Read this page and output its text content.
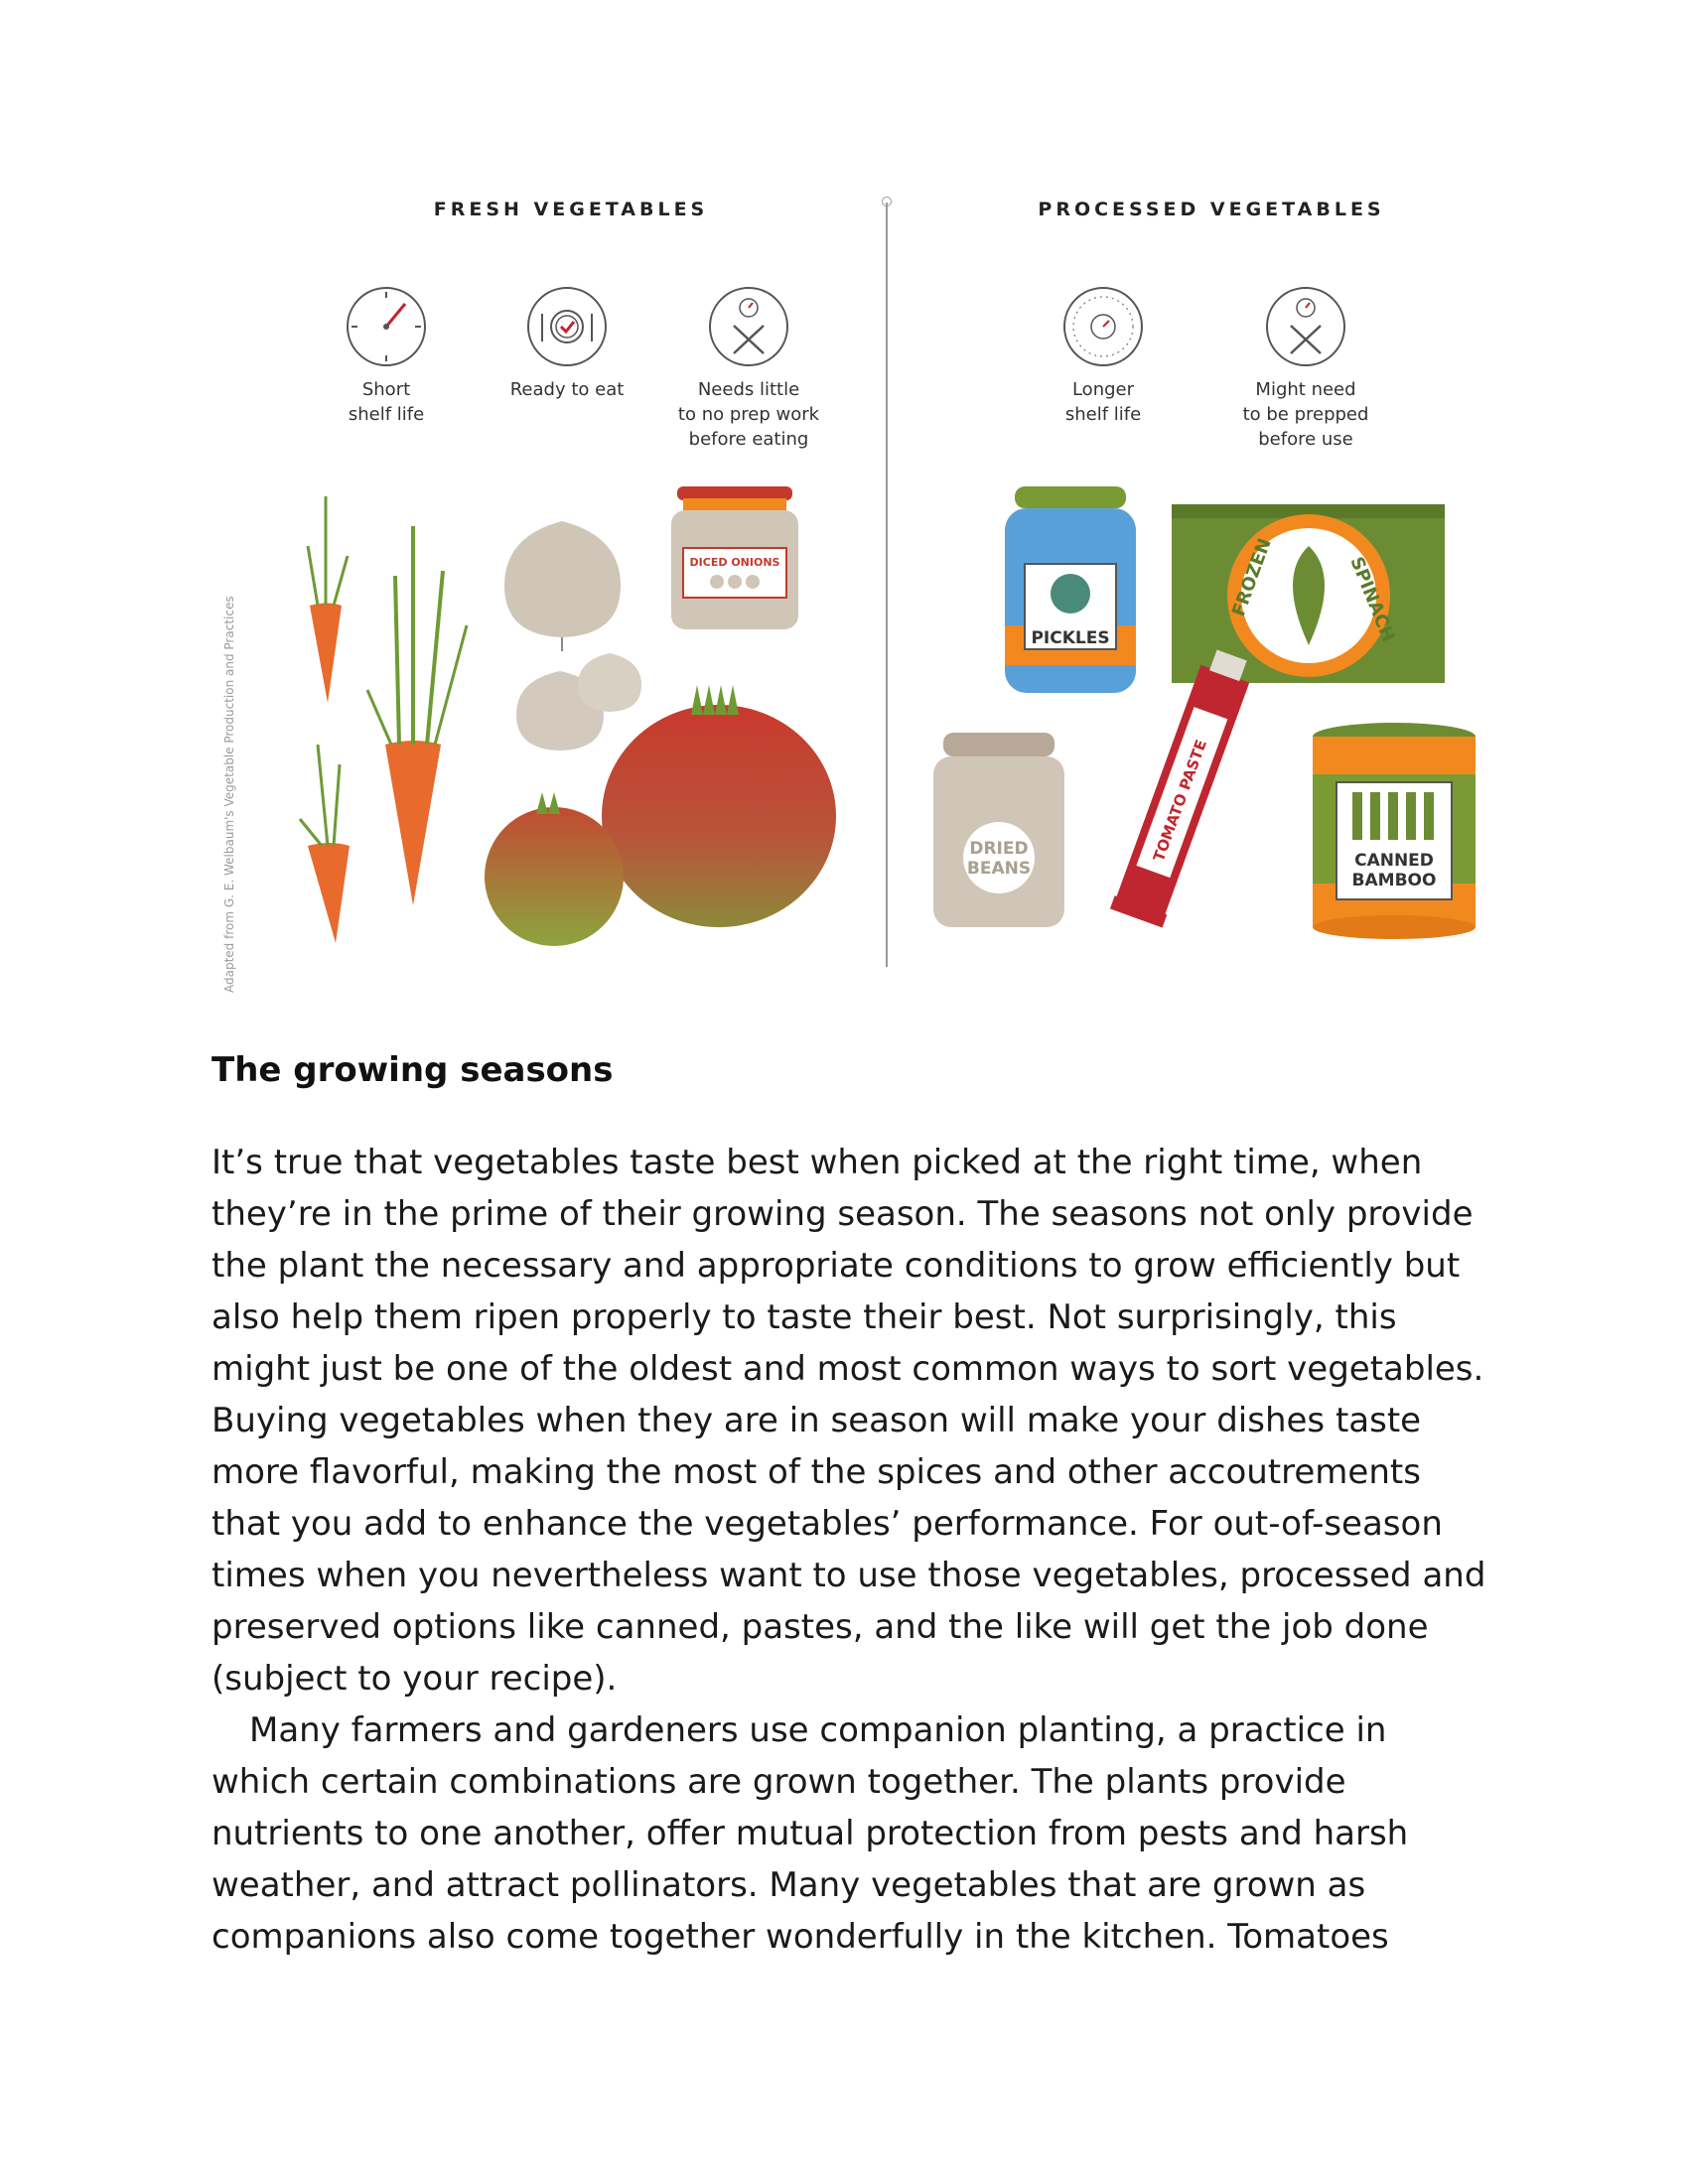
FRESH VEGETABLES	PROCESSED VEGETABLES
Short
shelf life
Ready to eat	Needs little
to no prep work
before eating
Longer
shelf life
Might need
to be prepped
before use
DICED ONIONS
PICKLES
FROZEN	SPINACH
TOMATO PASTE
DRIED
BEANS	CANNED
BAMBOO
Adapted from G. E. Welbaum's Vegetable Production and Practices
The growing seasons

It’s true that vegetables taste best when picked at the right time, when they’re in the prime of their growing season. The seasons not only provide the plant the necessary and appropriate conditions to grow efficiently but also help them ripen properly to taste their best. Not surprisingly, this might just be one of the oldest and most common ways to sort vegetables. Buying vegetables when they are in season will make your dishes taste more flavorful, making the most of the spices and other accoutrements that you add to enhance the vegetables’ performance. For out-of-season times when you nevertheless want to use those vegetables, processed and preserved options like canned, pastes, and the like will get the job done (subject to your recipe).

Many farmers and gardeners use companion planting, a practice in which certain combinations are grown together. The plants provide nutrients to one another, offer mutual protection from pests and harsh weather, and attract pollinators. Many vegetables that are grown as companions also come together wonderfully in the kitchen. Tomatoes
